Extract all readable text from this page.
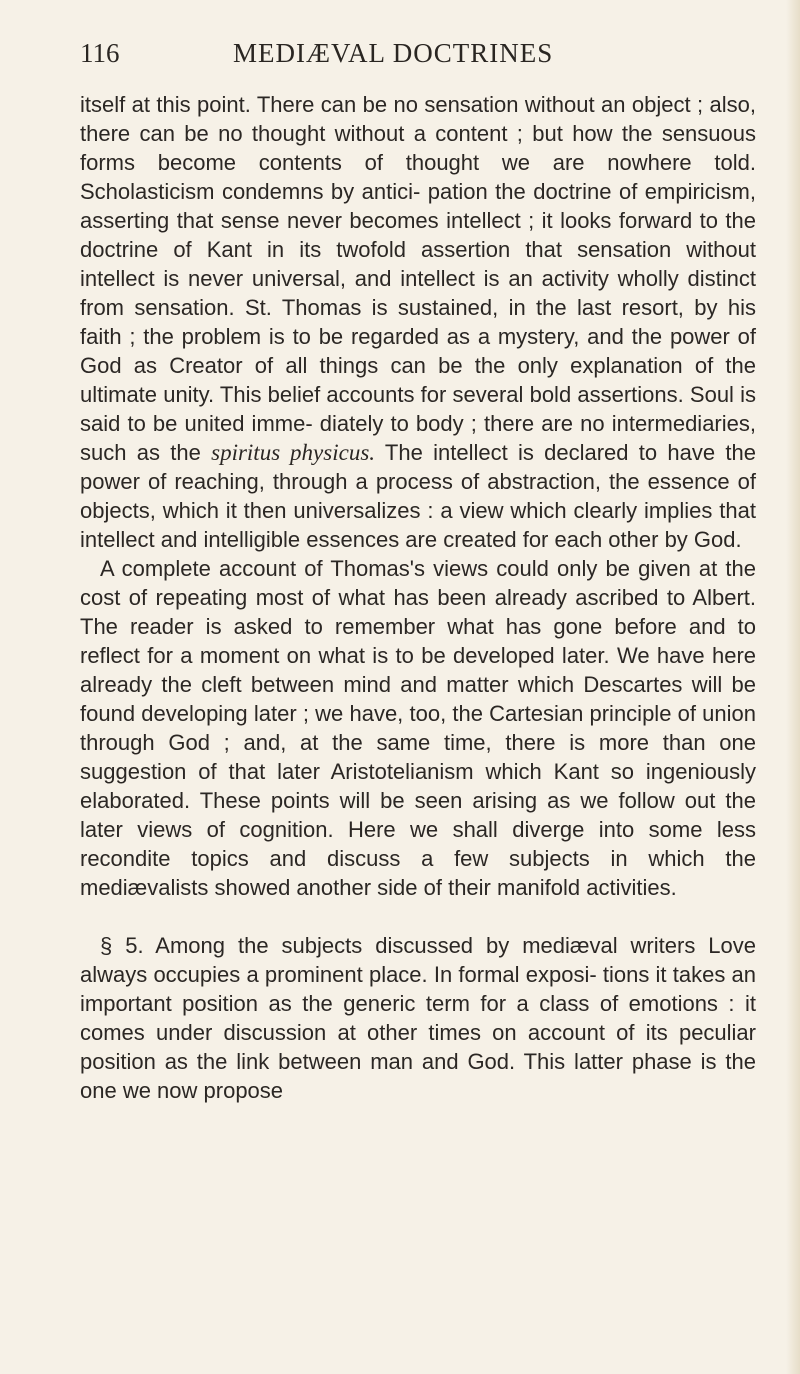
116	MEDIÆVAL DOCTRINES

itself at this point. There can be no sensation without an object ; also, there can be no thought without a content ; but how the sensuous forms become contents of thought we are nowhere told. Scholasticism condemns by antici- pation the doctrine of empiricism, asserting that sense never becomes intellect ; it looks forward to the doctrine of Kant in its twofold assertion that sensation without intellect is never universal, and intellect is an activity wholly distinct from sensation. St. Thomas is sustained, in the last resort, by his faith ; the problem is to be regarded as a mystery, and the power of God as Creator of all things can be the only explanation of the ultimate unity. This belief accounts for several bold assertions. Soul is said to be united imme- diately to body ; there are no intermediaries, such as the spiritus physicus. The intellect is declared to have the power of reaching, through a process of abstraction, the essence of objects, which it then universalizes : a view which clearly implies that intellect and intelligible essences are created for each other by God.

A complete account of Thomas's views could only be given at the cost of repeating most of what has been already ascribed to Albert. The reader is asked to remember what has gone before and to reflect for a moment on what is to be developed later. We have here already the cleft between mind and matter which Descartes will be found developing later ; we have, too, the Cartesian principle of union through God ; and, at the same time, there is more than one suggestion of that later Aristotelianism which Kant so ingeniously elaborated. These points will be seen arising as we follow out the later views of cognition. Here we shall diverge into some less recondite topics and discuss a few subjects in which the mediævalists showed another side of their manifold activities.

§ 5. Among the subjects discussed by mediæval writers Love always occupies a prominent place. In formal exposi- tions it takes an important position as the generic term for a class of emotions : it comes under discussion at other times on account of its peculiar position as the link between man and God. This latter phase is the one we now propose
